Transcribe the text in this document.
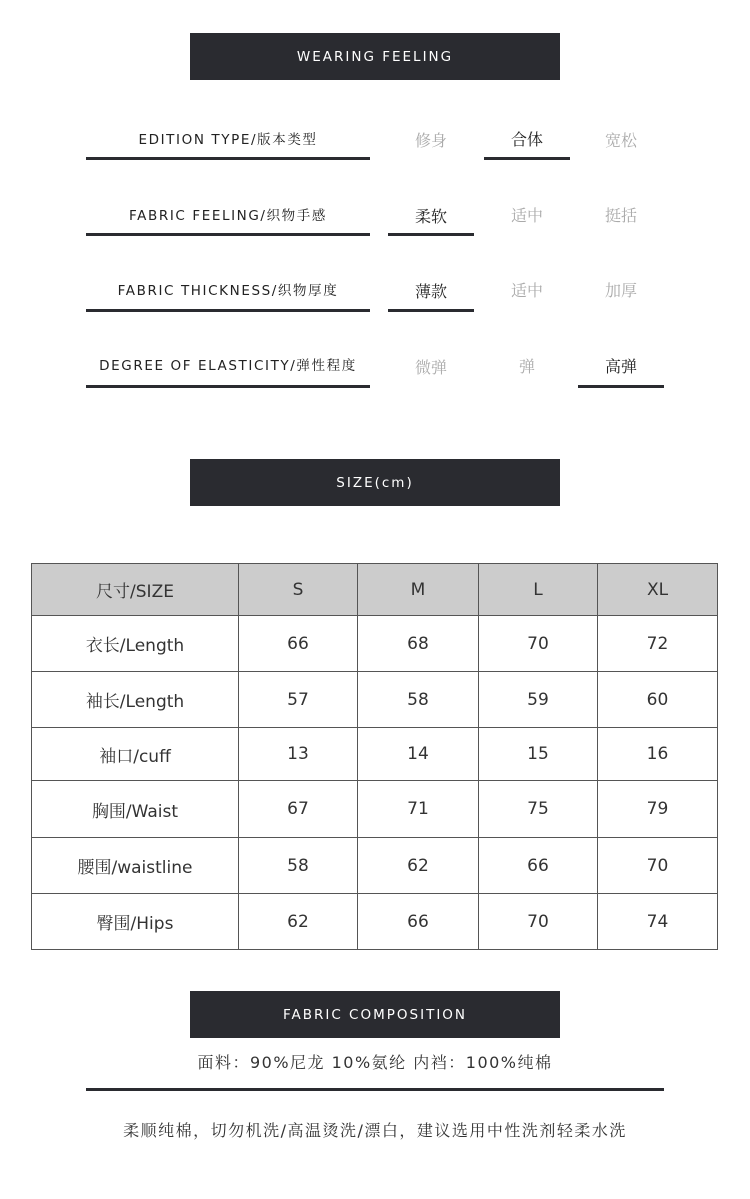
WEARING FEELING
EDITION TYPE/版本类型	修身	合体	宽松
FABRIC FEELING/织物手感	柔软	适中	挺括
FABRIC THICKNESS/织物厚度	薄款	适中	加厚
DEGREE OF ELASTICITY/弹性程度	微弹	弹	高弹
SIZE(cm)
尺寸/SIZE	S	M	L	XL
衣长/Length	66	68	70	72
袖长/Length	57	58	59	60
袖口/cuff	13	14	15	16
胸围/Waist	67	71	75	79
腰围/waistline	58	62	66	70
臀围/Hips	62	66	70	74
FABRIC COMPOSITION
面料：90%尼龙 10%氨纶 内裆：100%纯棉
柔顺纯棉，切勿机洗/高温烫洗/漂白，建议选用中性洗剂轻柔水洗
